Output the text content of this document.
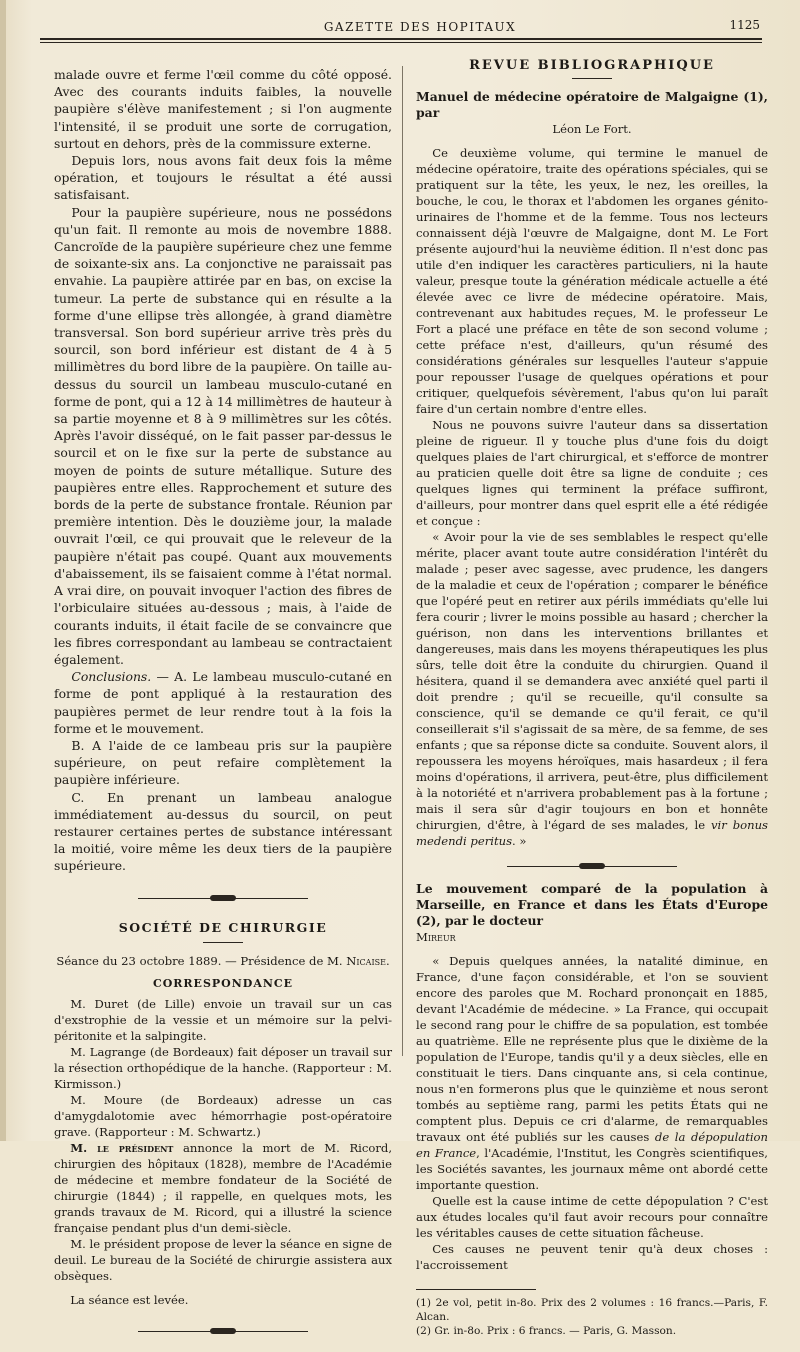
GAZETTE DES HOPITAUX	1125

malade ouvre et ferme l'œil comme du côté opposé. Avec des courants induits faibles, la nouvelle paupière s'élève manifestement ; si l'on augmente l'intensité, il se produit une sorte de corrugation, surtout en dehors, près de la commissure externe.

Depuis lors, nous avons fait deux fois la même opération, et toujours le résultat a été aussi satisfaisant.

Pour la paupière supérieure, nous ne possédons qu'un fait. Il remonte au mois de novembre 1888. Cancroïde de la paupière supérieure chez une femme de soixante-six ans. La conjonctive ne paraissait pas envahie. La paupière attirée par en bas, on excise la tumeur. La perte de substance qui en résulte a la forme d'une ellipse très allongée, à grand diamètre transversal. Son bord supérieur arrive très près du sourcil, son bord inférieur est distant de 4 à 5 millimètres du bord libre de la paupière. On taille au-dessus du sourcil un lambeau musculo-cutané en forme de pont, qui a 12 à 14 millimètres de hauteur à sa partie moyenne et 8 à 9 millimètres sur les côtés. Après l'avoir disséqué, on le fait passer par-dessus le sourcil et on le fixe sur la perte de substance au moyen de points de suture métallique. Suture des paupières entre elles. Rapprochement et suture des bords de la perte de substance frontale. Réunion par première intention. Dès le douzième jour, la malade ouvrait l'œil, ce qui prouvait que le releveur de la paupière n'était pas coupé. Quant aux mouvements d'abaissement, ils se faisaient comme à l'état normal. A vrai dire, on pouvait invoquer l'action des fibres de l'orbiculaire situées au-dessous ; mais, à l'aide de courants induits, il était facile de se convaincre que les fibres correspondant au lambeau se contractaient également.

Conclusions. — A. Le lambeau musculo-cutané en forme de pont appliqué à la restauration des paupières permet de leur rendre tout à la fois la forme et le mouvement.

B. A l'aide de ce lambeau pris sur la paupière supérieure, on peut refaire complètement la paupière inférieure.

C. En prenant un lambeau analogue immédiatement au-dessus du sourcil, on peut restaurer certaines pertes de substance intéressant la moitié, voire même les deux tiers de la paupière supérieure.

SOCIÉTÉ DE CHIRURGIE

Séance du 23 octobre 1889. — Présidence de M. Nicaise.

CORRESPONDANCE

M. Duret (de Lille) envoie un travail sur un cas d'exstrophie de la vessie et un mémoire sur la pelvi-péritonite et la salpingite.

M. Lagrange (de Bordeaux) fait déposer un travail sur la résection orthopédique de la hanche. (Rapporteur : M. Kirmisson.)

M. Moure (de Bordeaux) adresse un cas d'amygdalotomie avec hémorrhagie post-opératoire grave. (Rapporteur : M. Schwartz.)

M. le président annonce la mort de M. Ricord, chirurgien des hôpitaux (1828), membre de l'Académie de médecine et membre fondateur de la Société de chirurgie (1844) ; il rappelle, en quelques mots, les grands travaux de M. Ricord, qui a illustré la science française pendant plus d'un demi-siècle.

M. le président propose de lever la séance en signe de deuil. Le bureau de la Société de chirurgie assistera aux obsèques.

La séance est levée.

REVUE BIBLIOGRAPHIQUE

Manuel de médecine opératoire de Malgaigne (1), par

Léon Le Fort.

Ce deuxième volume, qui termine le manuel de médecine opératoire, traite des opérations spéciales, qui se pratiquent sur la tête, les yeux, le nez, les oreilles, la bouche, le cou, le thorax et l'abdomen les organes génito-urinaires de l'homme et de la femme. Tous nos lecteurs connaissent déjà l'œuvre de Malgaigne, dont M. Le Fort présente aujourd'hui la neuvième édition. Il n'est donc pas utile d'en indiquer les caractères particuliers, ni la haute valeur, presque toute la génération médicale actuelle a été élevée avec ce livre de médecine opératoire. Mais, contrevenant aux habitudes reçues, M. le professeur Le Fort a placé une préface en tête de son second volume ; cette préface n'est, d'ailleurs, qu'un résumé des considérations générales sur lesquelles l'auteur s'appuie pour repousser l'usage de quelques opérations et pour critiquer, quelquefois sévèrement, l'abus qu'on lui paraît faire d'un certain nombre d'entre elles.

Nous ne pouvons suivre l'auteur dans sa dissertation pleine de rigueur. Il y touche plus d'une fois du doigt quelques plaies de l'art chirurgical, et s'efforce de montrer au praticien quelle doit être sa ligne de conduite ; ces quelques lignes qui terminent la préface suffiront, d'ailleurs, pour montrer dans quel esprit elle a été rédigée et conçue :

« Avoir pour la vie de ses semblables le respect qu'elle mérite, placer avant toute autre considération l'intérêt du malade ; peser avec sagesse, avec prudence, les dangers de la maladie et ceux de l'opération ; comparer le bénéfice que l'opéré peut en retirer aux périls immédiats qu'elle lui fera courir ; livrer le moins possible au hasard ; chercher la guérison, non dans les interventions brillantes et dangereuses, mais dans les moyens thérapeutiques les plus sûrs, telle doit être la conduite du chirurgien. Quand il hésitera, quand il se demandera avec anxiété quel parti il doit prendre ; qu'il se recueille, qu'il consulte sa conscience, qu'il se demande ce qu'il ferait, ce qu'il conseillerait s'il s'agissait de sa mère, de sa femme, de ses enfants ; que sa réponse dicte sa conduite. Souvent alors, il repoussera les moyens héroïques, mais hasardeux ; il fera moins d'opérations, il arrivera, peut-être, plus difficilement à la notoriété et n'arrivera probablement pas à la fortune ; mais il sera sûr d'agir toujours en bon et honnête chirurgien, d'être, à l'égard de ses malades, le vir bonus medendi peritus. »

Le mouvement comparé de la population à Marseille, en France et dans les États d'Europe (2), par le docteur

Mireur

« Depuis quelques années, la natalité diminue, en France, d'une façon considérable, et l'on se souvient encore des paroles que M. Rochard prononçait en 1885, devant l'Académie de médecine. » La France, qui occupait le second rang pour le chiffre de sa population, est tombée au quatrième. Elle ne représente plus que le dixième de la population de l'Europe, tandis qu'il y a deux siècles, elle en constituait le tiers. Dans cinquante ans, si cela continue, nous n'en formerons plus que le quinzième et nous seront tombés au septième rang, parmi les petits États qui ne comptent plus. Depuis ce cri d'alarme, de remarquables travaux ont été publiés sur les causes de la dépopulation en France, l'Académie, l'Institut, les Congrès scientifiques, les Sociétés savantes, les journaux même ont abordé cette importante question.

Quelle est la cause intime de cette dépopulation ? C'est aux études locales qu'il faut avoir recours pour connaître les véritables causes de cette situation fâcheuse.

Ces causes ne peuvent tenir qu'à deux choses : l'accroissement

(1) 2e vol, petit in-8o. Prix des 2 volumes : 16 francs.—Paris, F. Alcan.

(2) Gr. in-8o. Prix : 6 francs. — Paris, G. Masson.
